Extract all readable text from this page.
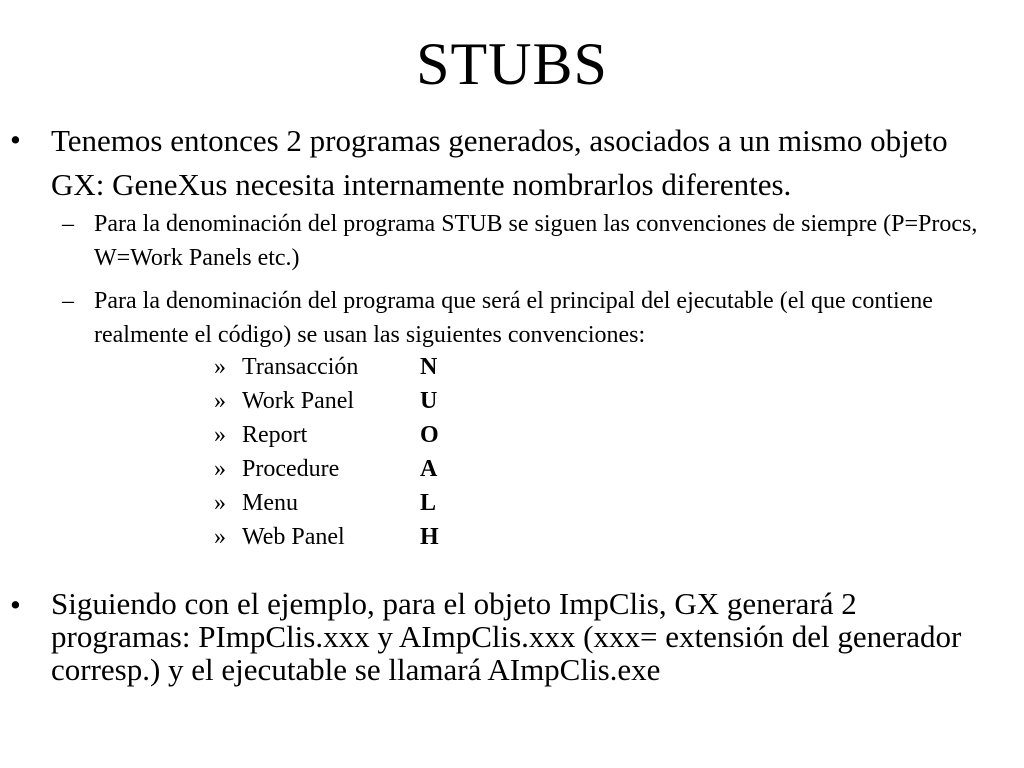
STUBS
• Tenemos entonces 2 programas generados, asociados a un mismo objeto GX: GeneXus necesita internamente nombrarlos diferentes.
– Para la denominación del programa STUB se siguen las convenciones de siempre (P=Procs, W=Work Panels etc.)
– Para la denominación del programa que será el principal del ejecutable (el que contiene realmente el código) se usan las siguientes convenciones:
» Transacción	N
» Work Panel	U
» Report	O
» Procedure	A
» Menu	L
» Web Panel	H
• Siguiendo con el ejemplo, para el objeto ImpClis, GX generará 2 programas: PImpClis.xxx y AImpClis.xxx (xxx= extensión del generador corresp.) y el ejecutable se llamará AImpClis.exe
